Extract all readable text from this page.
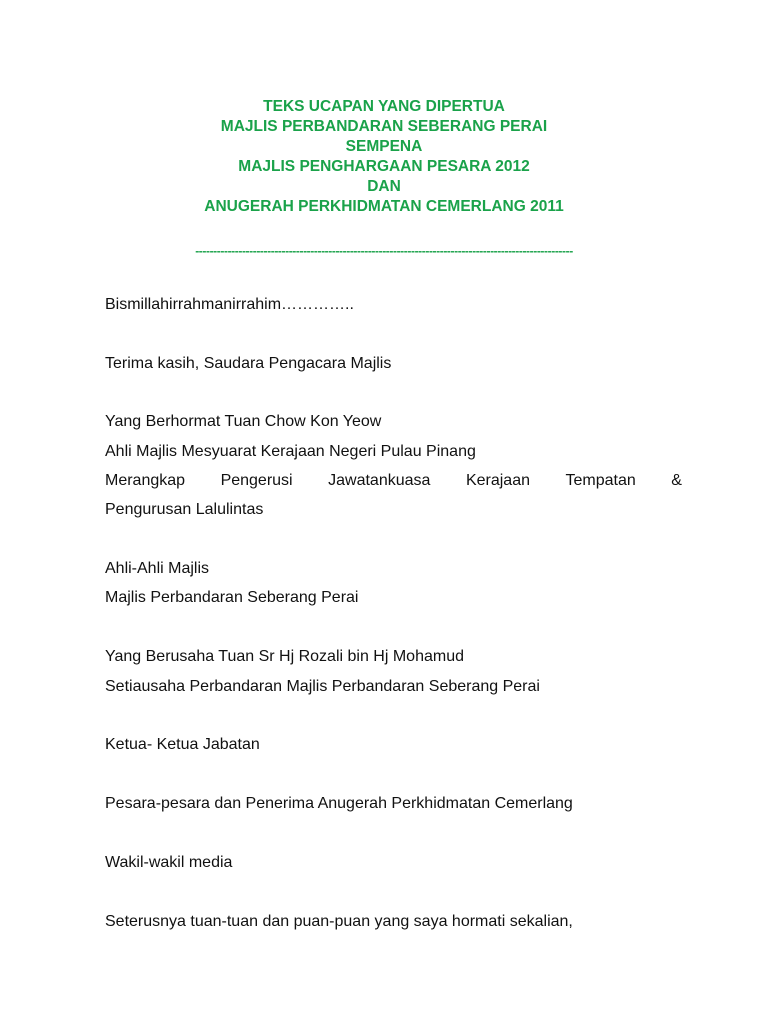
TEKS UCAPAN YANG DIPERTUA
MAJLIS PERBANDARAN SEBERANG PERAI
SEMPENA
MAJLIS PENGHARGAAN PESARA 2012
DAN
ANUGERAH PERKHIDMATAN CEMERLANG 2011
---------------------------------------------------------------------------------------------------------
Bismillahirrahmanirrahim…………..
Terima kasih, Saudara Pengacara Majlis
Yang Berhormat Tuan Chow Kon Yeow
Ahli Majlis Mesyuarat Kerajaan Negeri Pulau Pinang
Merangkap Pengerusi Jawatankuasa Kerajaan Tempatan &
Pengurusan Lalulintas
Ahli-Ahli Majlis
Majlis Perbandaran Seberang Perai
Yang Berusaha Tuan Sr Hj Rozali bin Hj Mohamud
Setiausaha Perbandaran Majlis Perbandaran Seberang Perai
Ketua- Ketua Jabatan
Pesara-pesara dan Penerima Anugerah Perkhidmatan Cemerlang
Wakil-wakil media
Seterusnya tuan-tuan dan puan-puan yang saya hormati sekalian,
